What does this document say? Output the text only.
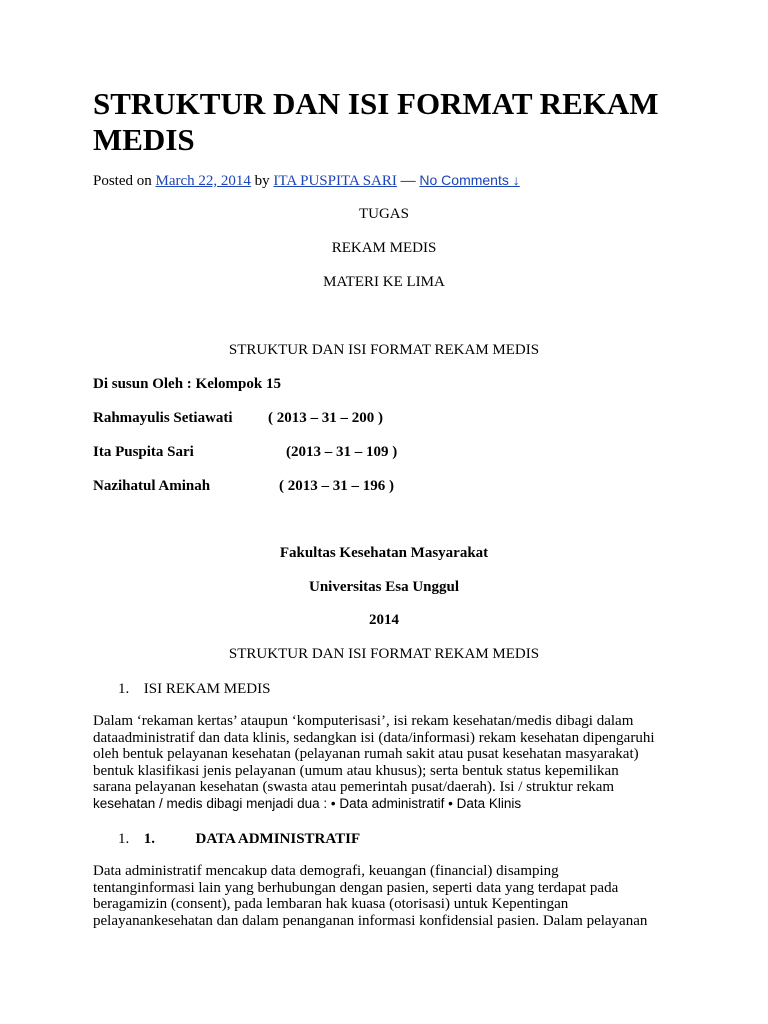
STRUKTUR DAN ISI FORMAT REKAM MEDIS
Posted on March 22, 2014 by ITA PUSPITA SARI — No Comments ↓
TUGAS
REKAM MEDIS
MATERI KE LIMA
STRUKTUR DAN ISI FORMAT REKAM MEDIS
Di susun Oleh : Kelompok 15
Rahmayulis Setiawati ( 2013 – 31 – 200 )
Ita Puspita Sari	(2013 – 31 – 109 )
Nazihatul Aminah	( 2013 – 31 – 196 )
Fakultas Kesehatan Masyarakat
Universitas Esa Unggul
2014
STRUKTUR DAN ISI FORMAT REKAM MEDIS
1. ISI REKAM MEDIS
Dalam ‘rekaman kertas’ ataupun ‘komputerisasi’, isi rekam kesehatan/medis dibagi dalam
dataadministratif dan data klinis, sedangkan isi (data/informasi) rekam kesehatan dipengaruhi
oleh bentuk pelayanan kesehatan (pelayanan rumah sakit atau pusat kesehatan masyarakat)
bentuk klasifikasi jenis pelayanan (umum atau khusus); serta bentuk status kepemilikan
sarana pelayanan kesehatan (swasta atau pemerintah pusat/daerah). Isi / struktur rekam
kesehatan / medis dibagi menjadi dua : • Data administratif • Data Klinis
1. 1.	DATA ADMINISTRATIF
Data administratif mencakup data demografi, keuangan (financial) disamping
tentanginformasi lain yang berhubungan dengan pasien, seperti data yang terdapat pada
beragamizin (consent), pada lembaran hak kuasa (otorisasi) untuk Kepentingan
pelayanankesehatan dan dalam penanganan informasi konfidensial pasien. Dalam pelayanan
